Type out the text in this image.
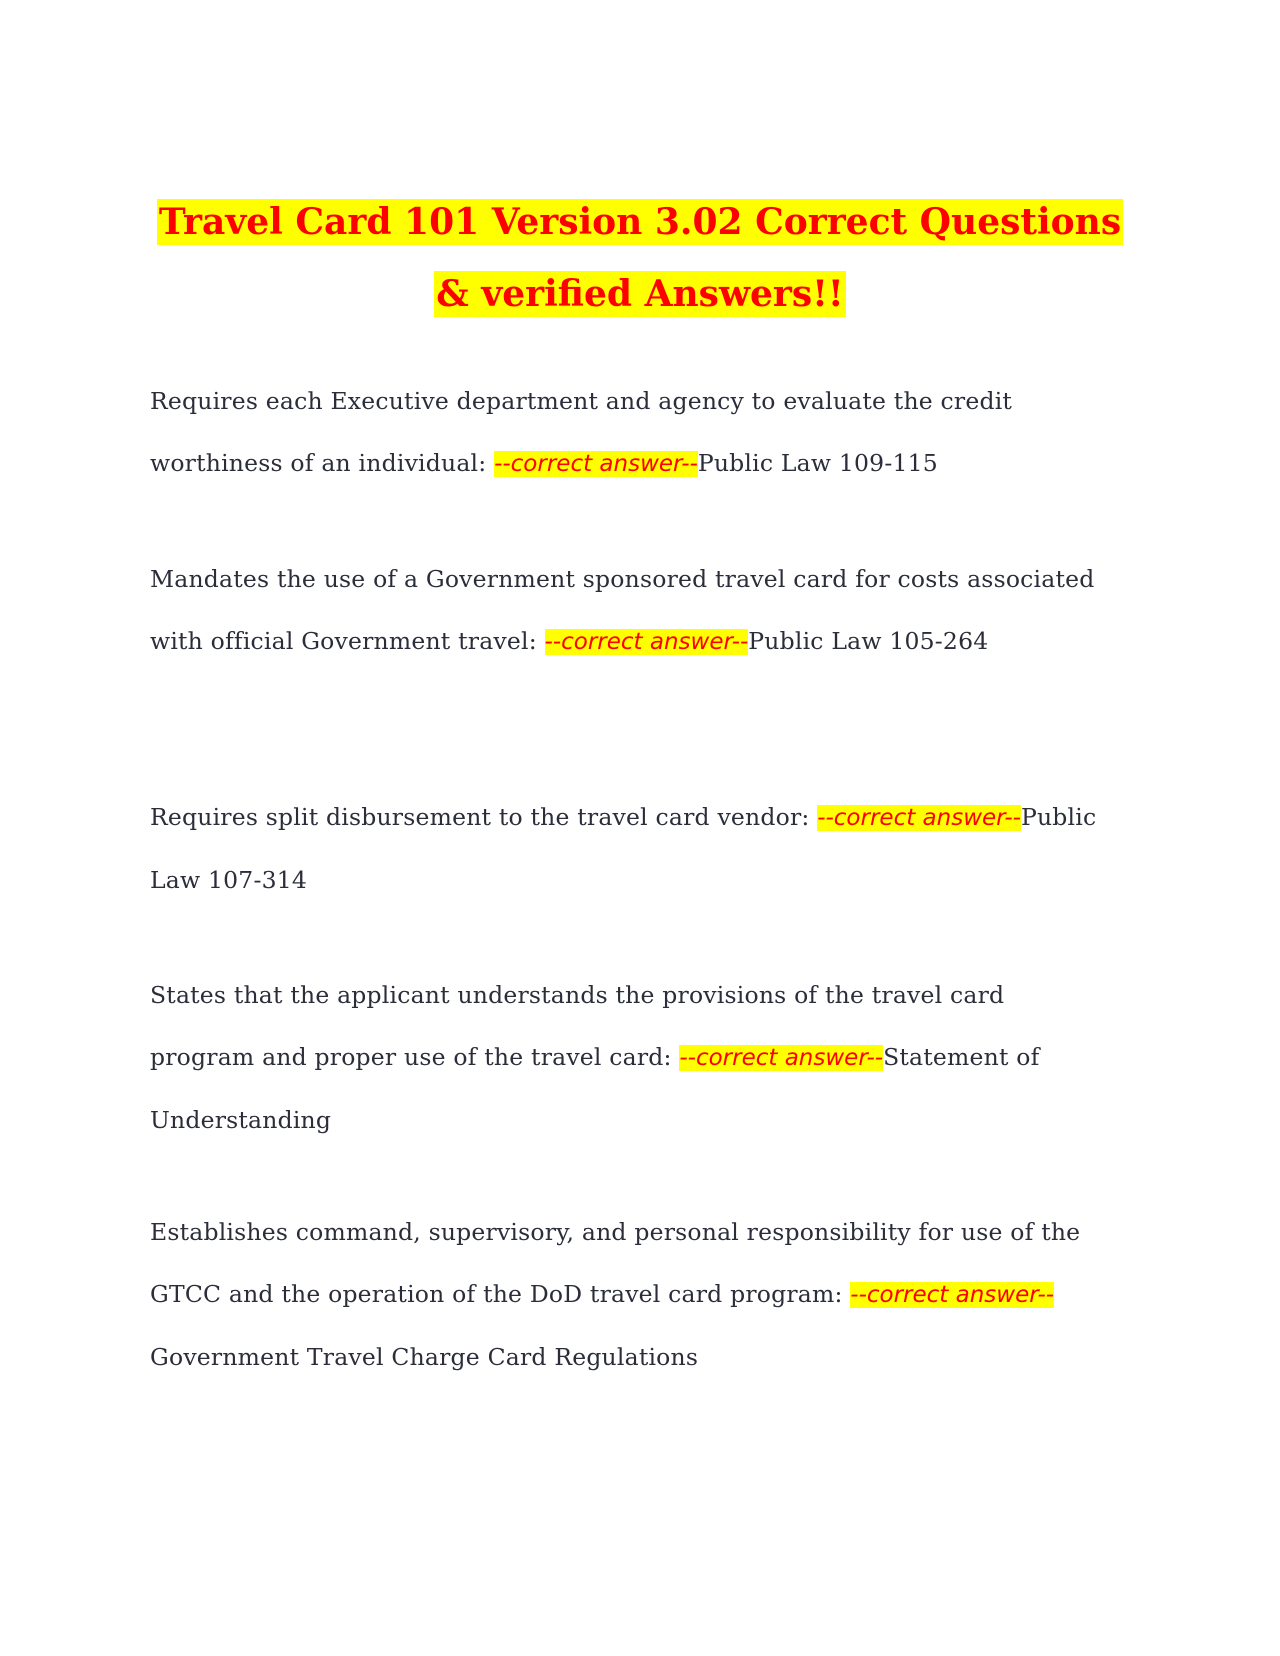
Travel Card 101 Version 3.02 Correct Questions
& verified Answers!!
Requires each Executive department and agency to evaluate the credit worthiness of an individual: --correct answer--Public Law 109-115
Mandates the use of a Government sponsored travel card for costs associated with official Government travel: --correct answer--Public Law 105-264
Requires split disbursement to the travel card vendor: --correct answer--Public Law 107-314
States that the applicant understands the provisions of the travel card program and proper use of the travel card: --correct answer--Statement of Understanding
Establishes command, supervisory, and personal responsibility for use of the GTCC and the operation of the DoD travel card program: --correct answer--Government Travel Charge Card Regulations
